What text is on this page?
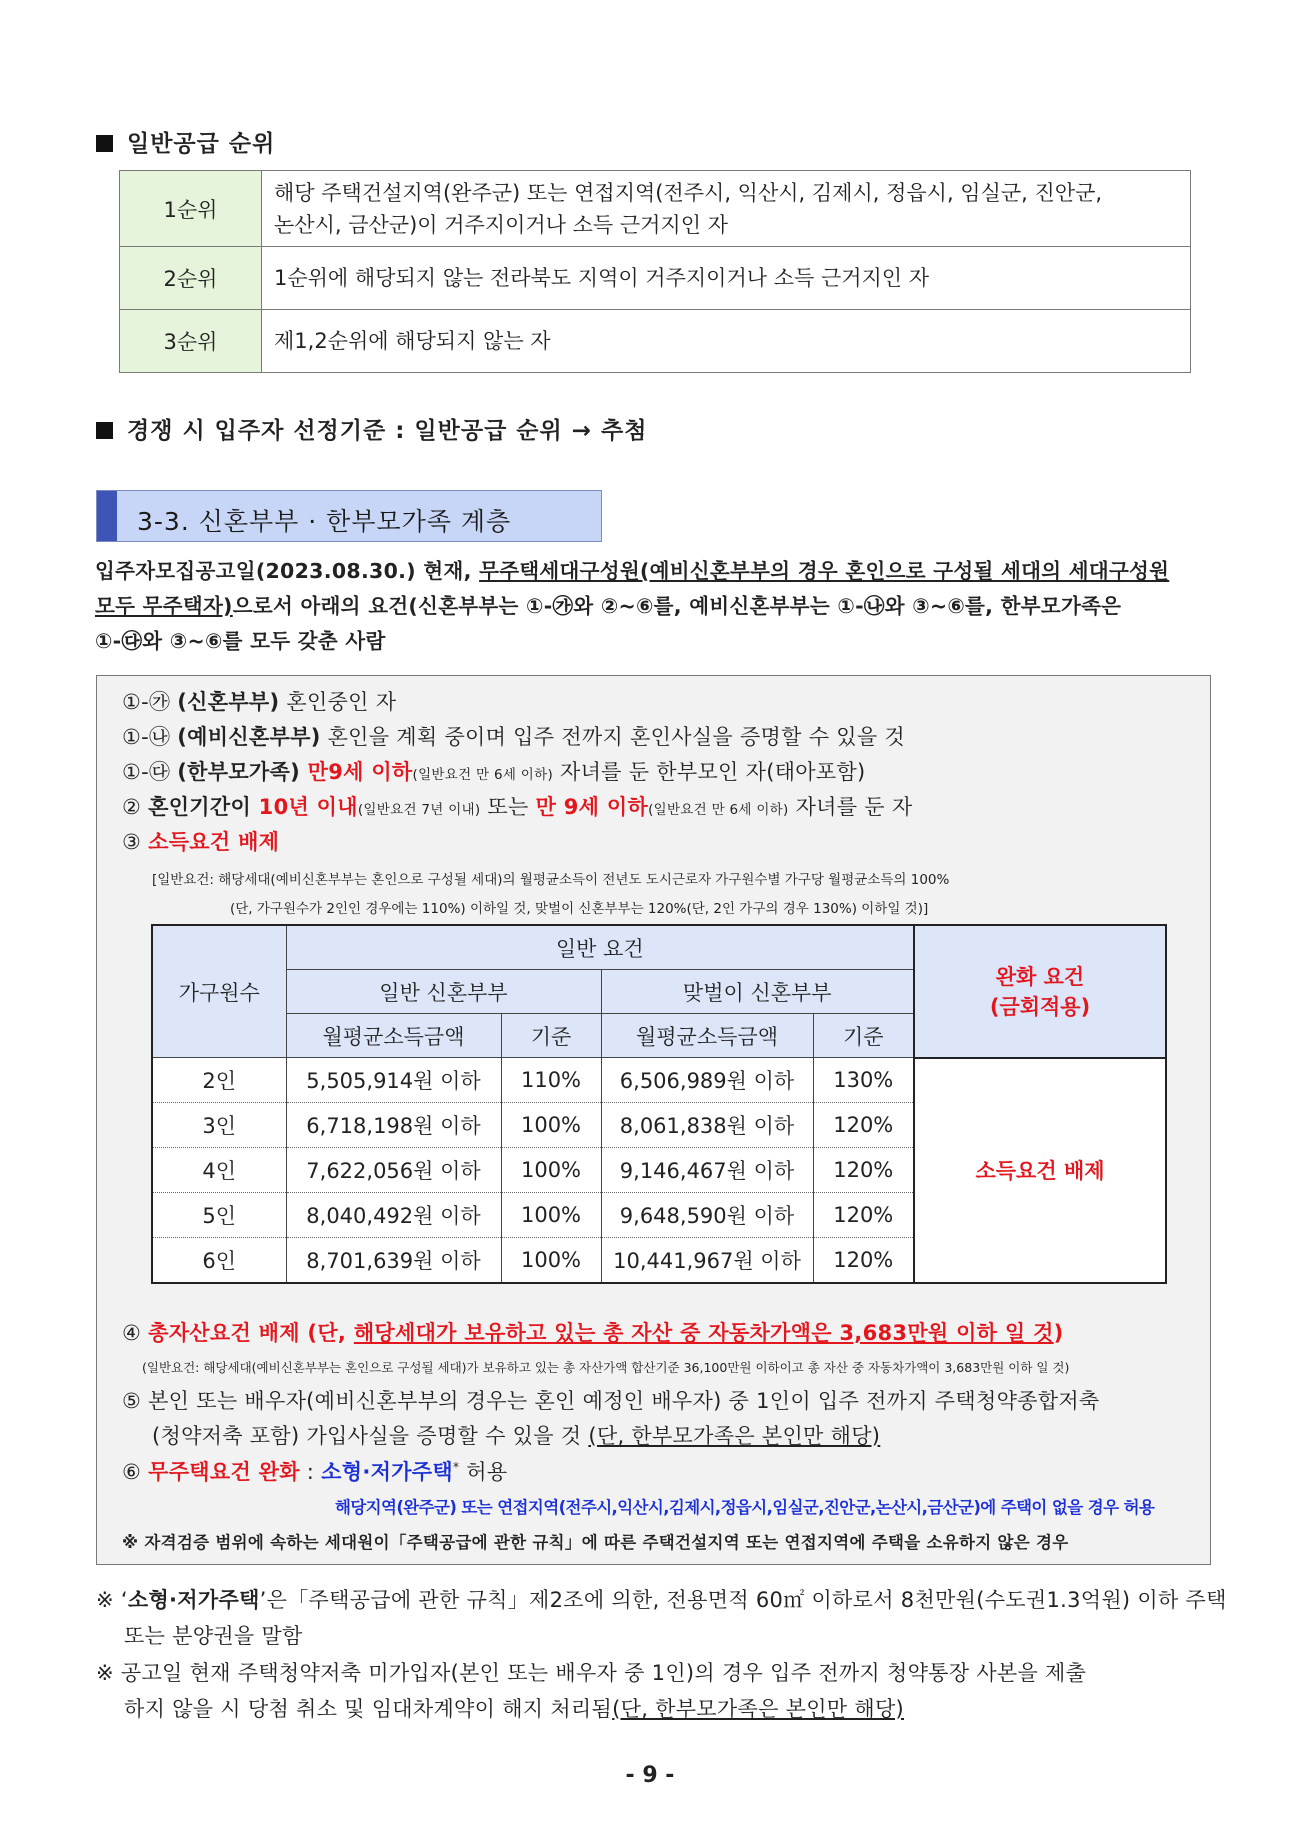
일반공급 순위
1순위	해당 주택건설지역(완주군) 또는 연접지역(전주시, 익산시, 김제시, 정읍시, 임실군, 진안군,
논산시, 금산군)이 거주지이거나 소득 근거지인 자

2순위	1순위에 해당되지 않는 전라북도 지역이 거주지이거나 소득 근거지인 자
3순위	제1,2순위에 해당되지 않는 자
경쟁 시 입주자 선정기준 : 일반공급 순위 → 추첨
3-3. 신혼부부 · 한부모가족 계층
입주자모집공고일(2023.08.30.) 현재, 무주택세대구성원(예비신혼부부의 경우 혼인으로 구성될 세대의 세대구성원
모두 무주택자)으로서 아래의 요건(신혼부부는 ①-㉮와 ②~⑥를, 예비신혼부부는 ①-㉯와 ③~⑥를, 한부모가족은
①-㉰와 ③~⑥를 모두 갖춘 사람
①-㉮ (신혼부부) 혼인중인 자
①-㉯ (예비신혼부부) 혼인을 계획 중이며 입주 전까지 혼인사실을 증명할 수 있을 것
①-㉰ (한부모가족) 만9세 이하(일반요건 만 6세 이하) 자녀를 둔 한부모인 자(태아포함)
② 혼인기간이 10년 이내(일반요건 7년 이내) 또는 만 9세 이하(일반요건 만 6세 이하) 자녀를 둔 자
③ 소득요건 배제
[일반요건: 해당세대(예비신혼부부는 혼인으로 구성될 세대)의 월평균소득이 전년도 도시근로자 가구원수별 가구당 월평균소득의 100%
(단, 가구원수가 2인인 경우에는 110%) 이하일 것, 맞벌이 신혼부부는 120%(단, 2인 가구의 경우 130%) 이하일 것)]
가구원수	일반 요건				완화 요건
(금회적용)

	일반 신혼부부		맞벌이 신혼부부		
	월평균소득금액	기준	월평균소득금액	기준	
2인	5,505,914원 이하	110%	6,506,989원 이하	130%	소득요건 배제
3인	6,718,198원 이하	100%	8,061,838원 이하	120%	
4인	7,622,056원 이하	100%	9,146,467원 이하	120%	
5인	8,040,492원 이하	100%	9,648,590원 이하	120%	
6인	8,701,639원 이하	100%	10,441,967원 이하	120%	
④ 총자산요건 배제 (단, 해당세대가 보유하고 있는 총 자산 중 자동차가액은 3,683만원 이하 일 것)
(일반요건: 해당세대(예비신혼부부는 혼인으로 구성될 세대)가 보유하고 있는 총 자산가액 합산기준 36,100만원 이하이고 총 자산 중 자동차가액이 3,683만원 이하 일 것)
⑤ 본인 또는 배우자(예비신혼부부의 경우는 혼인 예정인 배우자) 중 1인이 입주 전까지 주택청약종합저축
(청약저축 포함) 가입사실을 증명할 수 있을 것 (단, 한부모가족은 본인만 해당)
⑥ 무주택요건 완화 : 소형·저가주택* 허용
해당지역(완주군) 또는 연접지역(전주시,익산시,김제시,정읍시,임실군,진안군,논산시,금산군)에 주택이 없을 경우 허용
※ 자격검증 범위에 속하는 세대원이「주택공급에 관한 규칙」에 따른 주택건설지역 또는 연접지역에 주택을 소유하지 않은 경우
※ ‘소형·저가주택’은「주택공급에 관한 규칙」제2조에 의한, 전용면적 60㎡ 이하로서 8천만원(수도권1.3억원) 이하 주택
또는 분양권을 말함
※ 공고일 현재 주택청약저축 미가입자(본인 또는 배우자 중 1인)의 경우 입주 전까지 청약통장 사본을 제출
하지 않을 시 당첨 취소 및 임대차계약이 해지 처리됨(단, 한부모가족은 본인만 해당)
- 9 -
